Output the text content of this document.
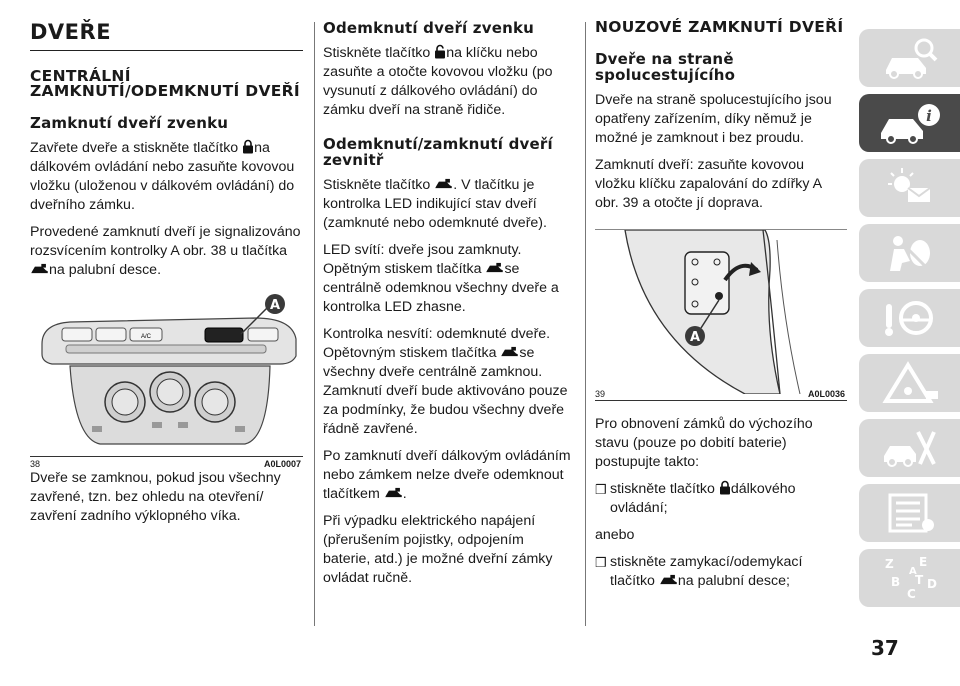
DVEŘE
CENTRÁLNÍ ZAMKNUTÍ/ODEMKNUTÍ DVEŘÍ
Zamknutí dveří zvenku

Zavřete dveře a stiskněte tlačítko na dálkovém ovládání nebo zasuňte kovovou vložku (uloženou v dálkovém ovládání) do dveřního zámku.

Provedené zamknutí dveří je signalizováno rozsvícením kontrolky A obr. 38 u tlačítka na palubní desce.

A/C
A
38	A0L0007

Dveře se zamknou, pokud jsou všechny zavřené, tzn. bez ohledu na otevření/ zavření zadního výklopného víka.

Odemknutí dveří zvenku

Stiskněte tlačítko na klíčku nebo zasuňte a otočte kovovou vložku (po vysunutí z dálkového ovládání) do zámku dveří na straně řidiče.

Odemknutí/zamknutí dveří zevnitř

Stiskněte tlačítko . V tlačítku je kontrolka LED indikující stav dveří (zamknuté nebo odemknuté dveře).

LED svítí: dveře jsou zamknuty. Opětným stiskem tlačítka se centrálně odemknou všechny dveře a kontrolka LED zhasne.

Kontrolka nesvítí: odemknuté dveře. Opětovným stiskem tlačítka se všechny dveře centrálně zamknou. Zamknutí dveří bude aktivováno pouze za podmínky, že budou všechny dveře řádně zavřené.

Po zamknutí dveří dálkovým ovládáním nebo zámkem nelze dveře odemknout tlačítkem .

Při výpadku elektrického napájení (přerušením pojistky, odpojením baterie, atd.) je možné dveřní zámky ovládat ručně.

NOUZOVÉ ZAMKNUTÍ DVEŘÍ
Dveře na straně spolucestujícího

Dveře na straně spolucestujícího jsou opatřeny zařízením, díky němuž je možné je zamknout i bez proudu.

Zamknutí dveří: zasuňte kovovou vložku klíčku zapalování do zdířky A obr. 39 a otočte jí doprava.

A
39	A0L0036

Pro obnovení zámků do výchozího stavu (pouze po dobití baterie) postupujte takto:

❒ stiskněte tlačítko dálkového ovládání;

anebo

❒ stiskněte zamykací/odemykací tlačítko na palubní desce;
i
Z E
B D
C
T
A
37
